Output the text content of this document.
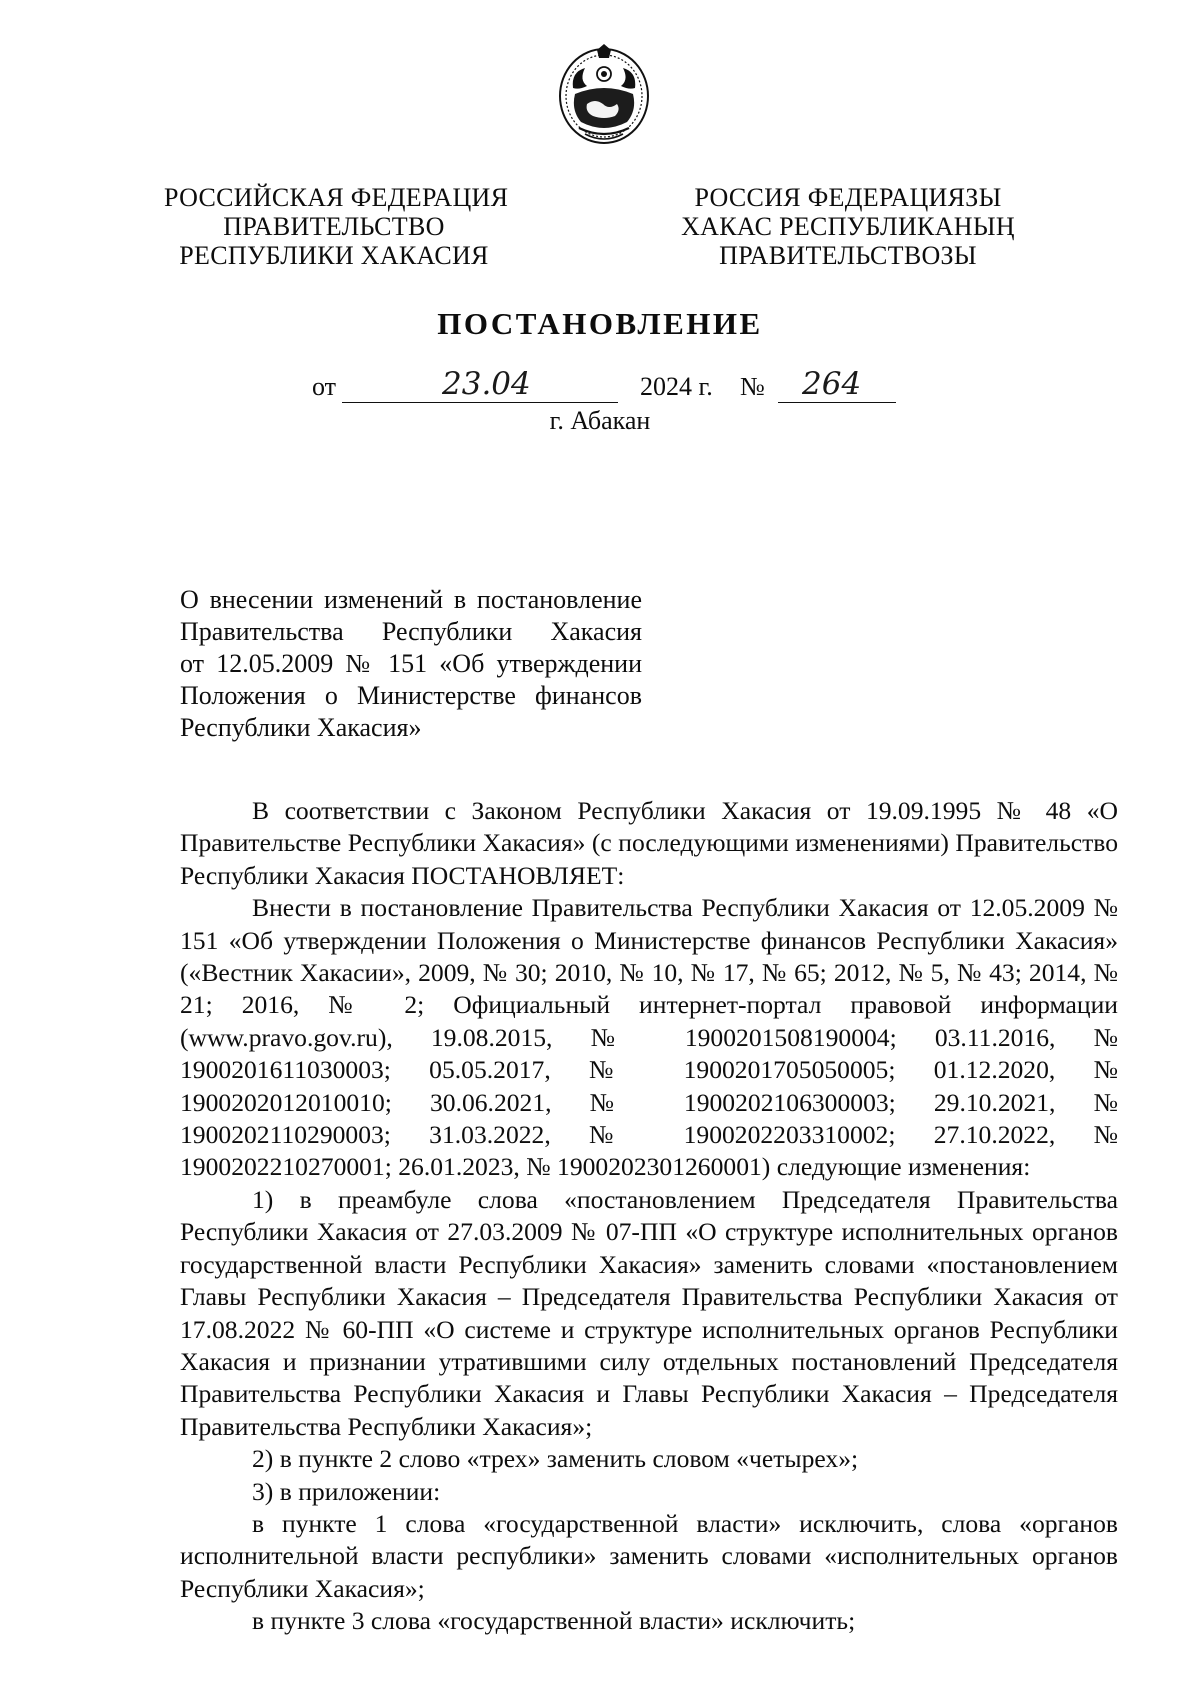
РОССИЙСКАЯ ФЕДЕРАЦИЯ
ПРАВИТЕЛЬСТВО
РЕСПУБЛИКИ ХАКАСИЯ
РОССИЯ ФЕДЕРАЦИЯЗЫ
ХАКАС РЕСПУБЛИКАНЫҢ
ПРАВИТЕЛЬСТВОЗЫ
ПОСТАНОВЛЕНИЕ
от	23.04	2024 г. № 264
г. Абакан
О внесении изменений в постановление
Правительства Республики Хакасия
от 12.05.2009 № 151 «Об утверждении
Положения о Министерстве финансов
Республики Хакасия»

В соответствии с Законом Республики Хакасия от 19.09.1995 № 48 «О Правительстве Республики Хакасия» (с последующими изменениями) Правительство Республики Хакасия ПОСТАНОВЛЯЕТ:

Внести в постановление Правительства Республики Хакасия от 12.05.2009 № 151 «Об утверждении Положения о Министерстве финансов Республики Хакасия» («Вестник Хакасии», 2009, № 30; 2010, № 10, № 17, № 65; 2012, № 5, № 43; 2014, № 21; 2016, № 2; Официальный интернет-портал правовой информации (www.pravo.gov.ru), 19.08.2015, № 1900201508190004; 03.11.2016, № 1900201611030003; 05.05.2017, № 1900201705050005; 01.12.2020, № 1900202012010010; 30.06.2021, № 1900202106300003; 29.10.2021, № 1900202110290003; 31.03.2022, № 1900202203310002; 27.10.2022, № 1900202210270001; 26.01.2023, № 1900202301260001) следующие изменения:

1) в преамбуле слова «постановлением Председателя Правительства Республики Хакасия от 27.03.2009 № 07-ПП «О структуре исполнительных органов государственной власти Республики Хакасия» заменить словами «постановлением Главы Республики Хакасия – Председателя Правительства Республики Хакасия от 17.08.2022 № 60-ПП «О системе и структуре исполнительных органов Республики Хакасия и признании утратившими силу отдельных постановлений Председателя Правительства Республики Хакасия и Главы Республики Хакасия – Председателя Правительства Республики Хакасия»;

2) в пункте 2 слово «трех» заменить словом «четырех»;

3) в приложении:

в пункте 1 слова «государственной власти» исключить, слова «органов исполнительной власти республики» заменить словами «исполнительных органов Республики Хакасия»;

в пункте 3 слова «государственной власти» исключить;
